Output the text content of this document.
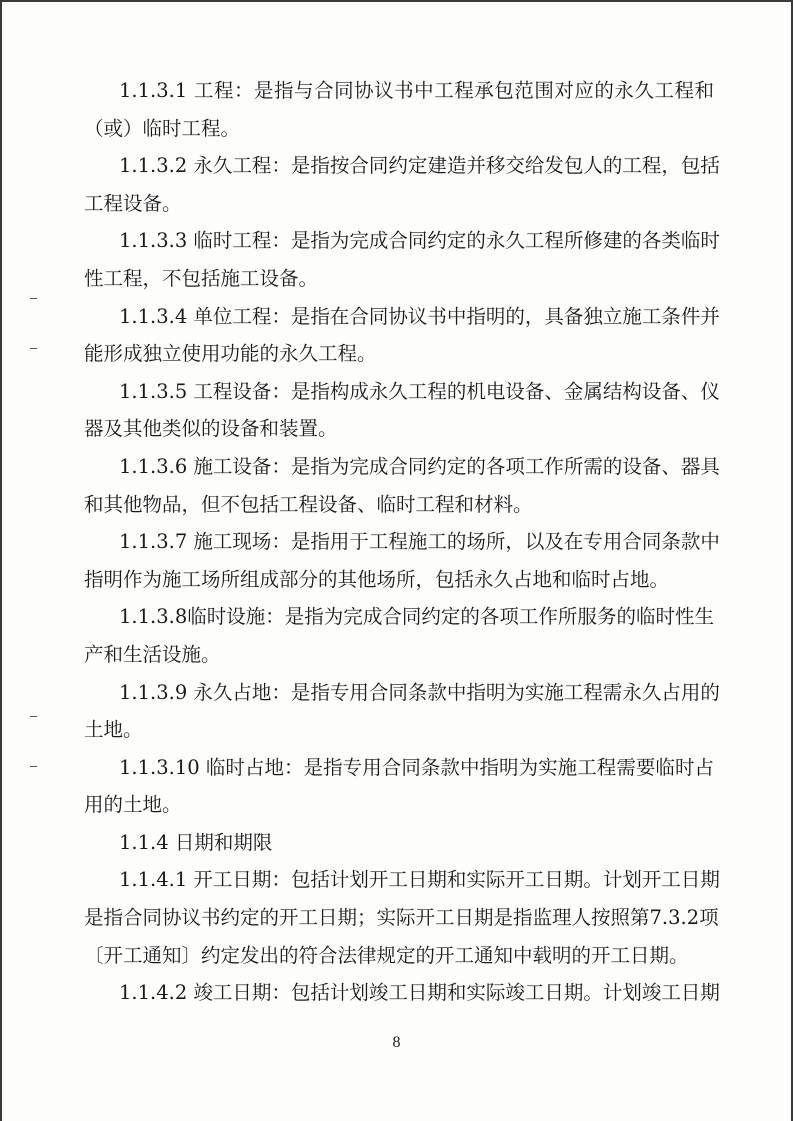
1.1.3.1 工程：是指与合同协议书中工程承包范围对应的永久工程和
（或）临时工程。
1.1.3.2 永久工程：是指按合同约定建造并移交给发包人的工程，包括
工程设备。
1.1.3.3 临时工程：是指为完成合同约定的永久工程所修建的各类临时
性工程，不包括施工设备。
1.1.3.4 单位工程：是指在合同协议书中指明的，具备独立施工条件并
能形成独立使用功能的永久工程。
1.1.3.5 工程设备：是指构成永久工程的机电设备、金属结构设备、仪
器及其他类似的设备和装置。
1.1.3.6 施工设备：是指为完成合同约定的各项工作所需的设备、器具
和其他物品，但不包括工程设备、临时工程和材料。
1.1.3.7 施工现场：是指用于工程施工的场所，以及在专用合同条款中
指明作为施工场所组成部分的其他场所，包括永久占地和临时占地。
1.1.3.8临时设施：是指为完成合同约定的各项工作所服务的临时性生
产和生活设施。
1.1.3.9 永久占地：是指专用合同条款中指明为实施工程需永久占用的
土地。
1.1.3.10 临时占地：是指专用合同条款中指明为实施工程需要临时占
用的土地。
1.1.4 日期和期限
1.1.4.1 开工日期：包括计划开工日期和实际开工日期。计划开工日期
是指合同协议书约定的开工日期；实际开工日期是指监理人按照第7.3.2项
〔开工通知〕约定发出的符合法律规定的开工通知中载明的开工日期。
1.1.4.2 竣工日期：包括计划竣工日期和实际竣工日期。计划竣工日期
8
